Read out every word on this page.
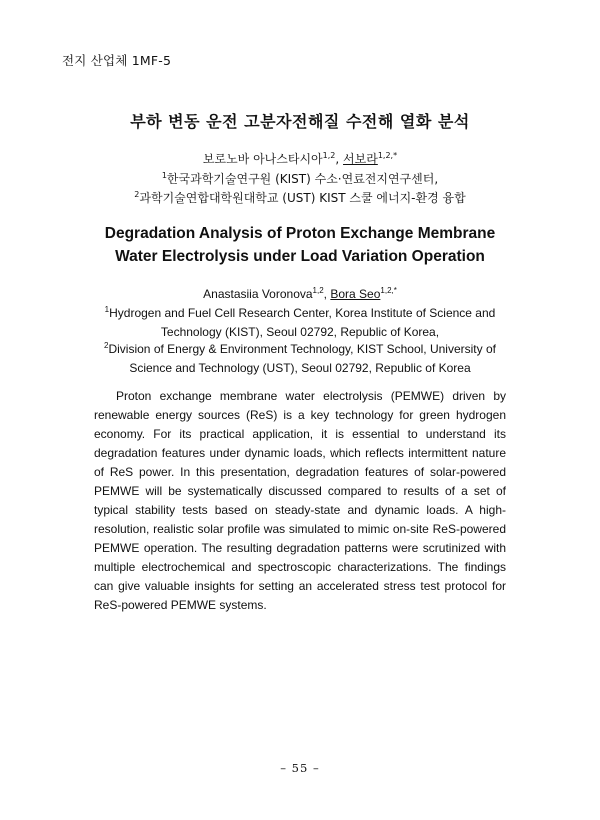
전지 산업체 1MF-5
부하 변동 운전 고분자전해질 수전해 열화 분석
보로노바 아나스타시아$^{1,2}$, 서보라$^{1,2,*}$
$^1$한국과학기술연구원 (KIST) 수소·연료전지연구센터,
$^2$과학기술연합대학원대학교 (UST) KIST 스쿨 에너지-환경 융합
Degradation Analysis of Proton Exchange Membrane
Water Electrolysis under Load Variation Operation
Anastasiia Voronova$^{1,2}$, Bora Seo$^{1,2,*}$
$^1$Hydrogen and Fuel Cell Research Center, Korea Institute of Science and Technology (KIST), Seoul 02792, Republic of Korea,
$^2$Division of Energy & Environment Technology, KIST School, University of Science and Technology (UST), Seoul 02792, Republic of Korea

Proton exchange membrane water electrolysis (PEMWE) driven by renewable energy sources (ReS) is a key technology for green hydrogen economy. For its practical application, it is essential to understand its degradation features under dynamic loads, which reflects intermittent nature of ReS power. In this presentation, degradation features of solar-powered PEMWE will be systematically discussed compared to results of a set of typical stability tests based on steady-state and dynamic loads. A high-resolution, realistic solar profile was simulated to mimic on-site ReS-powered PEMWE operation. The resulting degradation patterns were scrutinized with multiple electrochemical and spectroscopic characterizations. The findings can give valuable insights for setting an accelerated stress test protocol for ReS-powered PEMWE systems.

– 55 –
